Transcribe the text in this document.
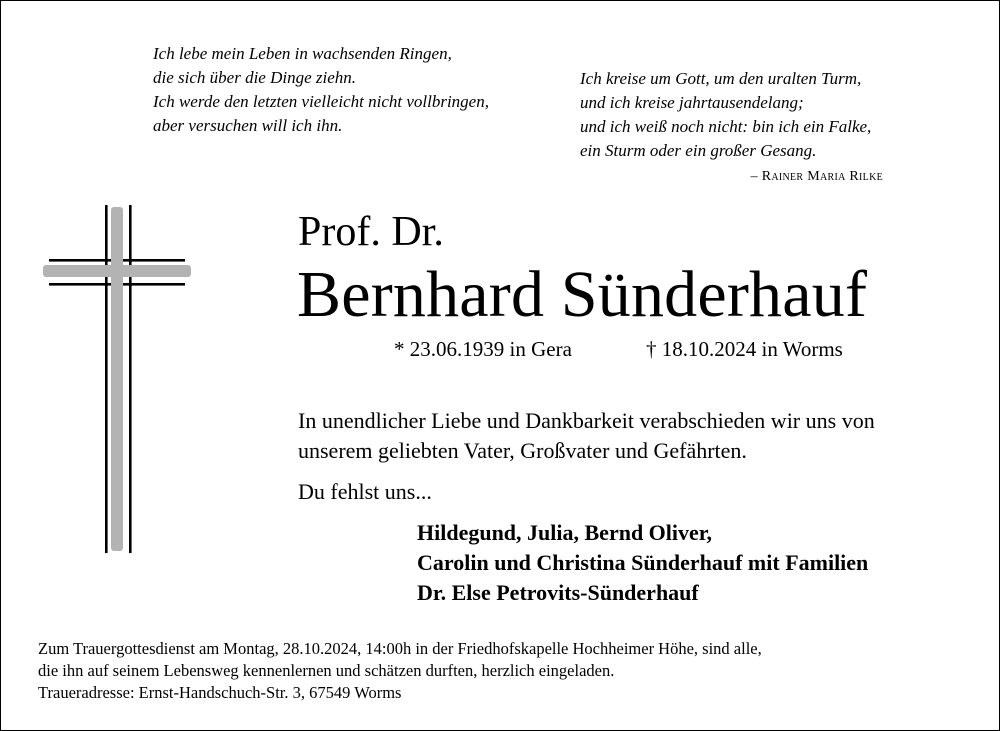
Ich lebe mein Leben in wachsenden Ringen,
die sich über die Dinge ziehn.
Ich werde den letzten vielleicht nicht vollbringen,
aber versuchen will ich ihn.
Ich kreise um Gott, um den uralten Turm,
und ich kreise jahrtausendelang;
und ich weiß noch nicht: bin ich ein Falke,
ein Sturm oder ein großer Gesang.
– Rainer Maria Rilke
Prof. Dr.
Bernhard Sünderhauf
* 23.06.1939 in Gera	† 18.10.2024 in Worms
In unendlicher Liebe und Dankbarkeit verabschieden wir uns von
unserem geliebten Vater, Großvater und Gefährten.
Du fehlst uns...
Hildegund, Julia, Bernd Oliver,
Carolin und Christina Sünderhauf mit Familien
Dr. Else Petrovits-Sünderhauf
Zum Trauergottesdienst am Montag, 28.10.2024, 14:00h in der Friedhofskapelle Hochheimer Höhe, sind alle,
die ihn auf seinem Lebensweg kennenlernen und schätzen durften, herzlich eingeladen.
Traueradresse: Ernst-Handschuch-Str. 3, 67549 Worms
